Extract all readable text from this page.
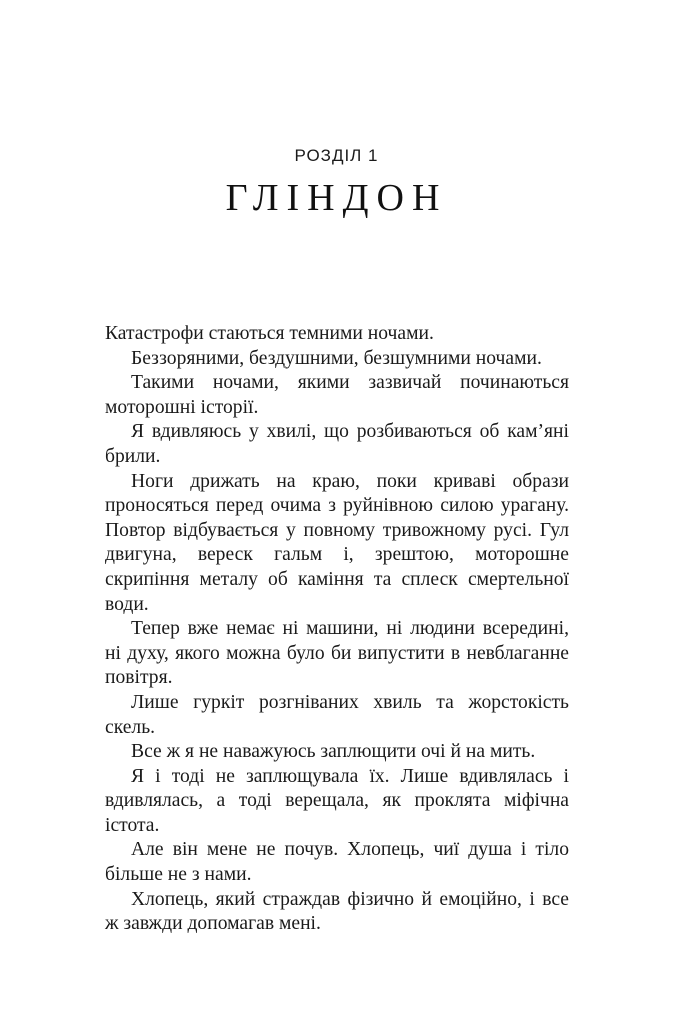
РОЗДІЛ 1
ГЛІНДОН

Катастрофи стаються темними ночами.

Беззоряними, бездушними, безшумними ночами.

Такими ночами, якими зазвичай починаються моторошні історії.

Я вдивляюсь у хвилі, що розбиваються об кам’яні брили.

Ноги дрижать на краю, поки криваві образи проносяться перед очима з руйнівною силою урагану. Повтор відбувається у повному тривожному русі. Гул двигуна, вереск гальм і, зрештою, моторошне скрипіння металу об каміння та сплеск смертельної води.

Тепер вже немає ні машини, ні людини всередині, ні духу, якого можна було би випустити в невблаганне повітря.

Лише гуркіт розгніваних хвиль та жорстокість скель.

Все ж я не наважуюсь заплющити очі й на мить.

Я і тоді не заплющувала їх. Лише вдивлялась і вдивлялась, а тоді верещала, як проклята міфічна істота.

Але він мене не почув. Хлопець, чиї душа і тіло більше не з нами.

Хлопець, який страждав фізично й емоційно, і все ж завжди допомагав мені.
